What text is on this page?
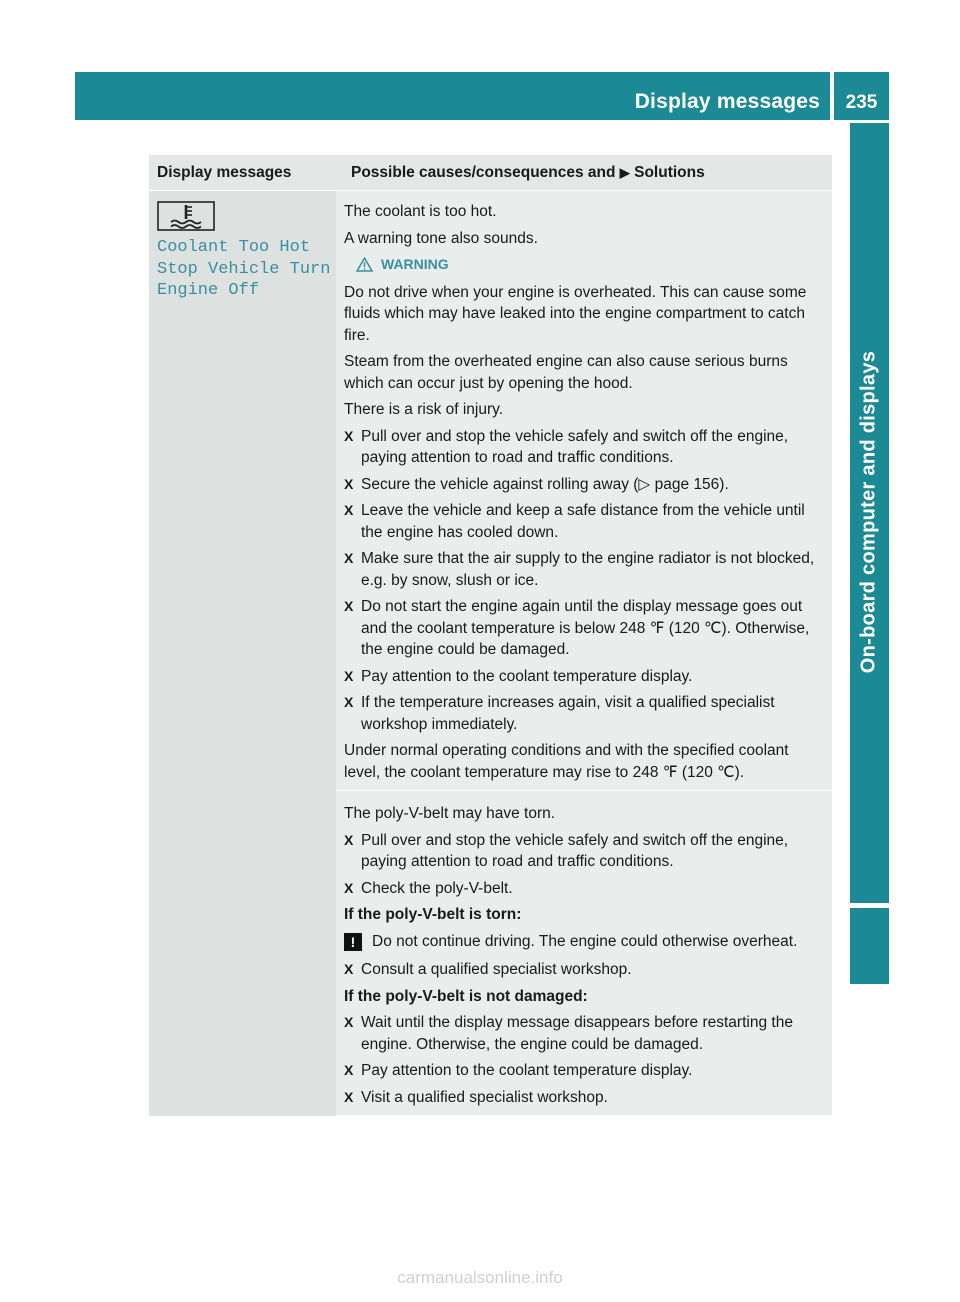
Display messages	235
On-board computer and displays
Display messages	Possible causes/consequences and ▶ Solutions
Coolant Too Hot
Stop Vehicle Turn
Engine Off

The coolant is too hot.

A warning tone also sounds.

WARNING

Do not drive when your engine is overheated. This can cause some fluids which may have leaked into the engine compartment to catch fire.

Steam from the overheated engine can also cause serious burns which can occur just by opening the hood.

There is a risk of injury.

X Pull over and stop the vehicle safely and switch off the engine, paying attention to road and traffic conditions.
X Secure the vehicle against rolling away (▷ page 156).
X Leave the vehicle and keep a safe distance from the vehicle until the engine has cooled down.
X Make sure that the air supply to the engine radiator is not blocked, e.g. by snow, slush or ice.
X Do not start the engine again until the display message goes out and the coolant temperature is below 248 ℉ (120 ℃). Otherwise, the engine could be damaged.
X Pay attention to the coolant temperature display.
X If the temperature increases again, visit a qualified specialist workshop immediately.

Under normal operating conditions and with the specified coolant level, the coolant temperature may rise to 248 ℉ (120 ℃).

The poly-V-belt may have torn.

X Pull over and stop the vehicle safely and switch off the engine, paying attention to road and traffic conditions.
X Check the poly-V-belt.

If the poly-V-belt is torn:

!	Do not continue driving. The engine could otherwise overheat.
X Consult a qualified specialist workshop.

If the poly-V-belt is not damaged:

X Wait until the display message disappears before restarting the engine. Otherwise, the engine could be damaged.
X Pay attention to the coolant temperature display.
X Visit a qualified specialist workshop.
carmanualsonline.info
